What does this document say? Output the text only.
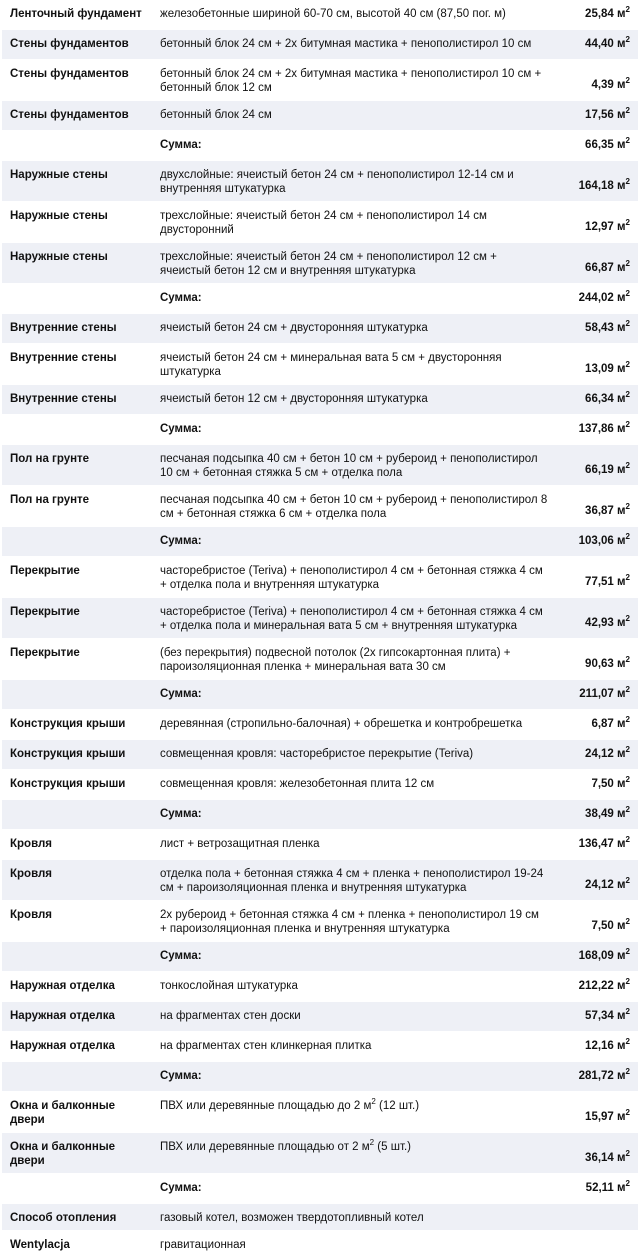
Ленточный фундамент	железобетонные шириной 60-70 см, высотой 40 см (87,50 пог. м)	25,84 $м^2$
Стены фундаментов	бетонный блок 24 см + 2х битумная мастика + пенополистирол 10 см	44,40 $м^2$
Стены фундаментов	бетонный блок 24 см + 2х битумная мастика + пенополистирол 10 см + бетонный блок 12 см	4,39 $м^2$
Стены фундаментов	бетонный блок 24 см	17,56 $м^2$
	Сумма:	66,35 $м^2$
Наружные стены	двухслойные: ячеистый бетон 24 см + пенополистирол 12-14 см и внутренняя штукатурка	164,18 $м^2$
Наружные стены	трехслойные: ячеистый бетон 24 см + пенополистирол 14 см двусторонний	12,97 $м^2$
Наружные стены	трехслойные: ячеистый бетон 24 см + пенополистирол 12 см + ячеистый бетон 12 см и внутренняя штукатурка	66,87 $м^2$
	Сумма:	244,02 $м^2$
Внутренние стены	ячеистый бетон 24 см + двусторонняя штукатурка	58,43 $м^2$
Внутренние стены	ячеистый бетон 24 см + минеральная вата 5 см + двусторонняя штукатурка	13,09 $м^2$
Внутренние стены	ячеистый бетон 12 см + двусторонняя штукатурка	66,34 $м^2$
	Сумма:	137,86 $м^2$
Пол на грунте	песчаная подсыпка 40 см + бетон 10 см + рубероид + пенополистирол 10 см + бетонная стяжка 5 см + отделка пола	66,19 $м^2$
Пол на грунте	песчаная подсыпка 40 см + бетон 10 см + рубероид + пенополистирол 8 см + бетонная стяжка 6 см + отделка пола	36,87 $м^2$
	Сумма:	103,06 $м^2$
Перекрытие	часторебристое (Teriva) + пенополистирол 4 см + бетонная стяжка 4 см + отделка пола и внутренняя штукатурка	77,51 $м^2$
Перекрытие	часторебристое (Teriva) + пенополистирол 4 см + бетонная стяжка 4 см + отделка пола и минеральная вата 5 см + внутренняя штукатурка	42,93 $м^2$
Перекрытие	(без перекрытия) подвесной потолок (2х гипсокартонная плита) + пароизоляционная пленка + минеральная вата 30 см	90,63 $м^2$
	Сумма:	211,07 $м^2$
Конструкция крыши	деревянная (стропильно-балочная) + обрешетка и контробрешетка	6,87 $м^2$
Конструкция крыши	совмещенная кровля: часторебристое перекрытие (Teriva)	24,12 $м^2$
Конструкция крыши	совмещенная кровля: железобетонная плита 12 см	7,50 $м^2$
	Сумма:	38,49 $м^2$
Кровля	лист + ветрозащитная пленка	136,47 $м^2$
Кровля	отделка пола + бетонная стяжка 4 см + пленка + пенополистирол 19-24 см + пароизоляционная пленка и внутренняя штукатурка	24,12 $м^2$
Кровля	2х рубероид + бетонная стяжка 4 см + пленка + пенополистирол 19 см + пароизоляционная пленка и внутренняя штукатурка	7,50 $м^2$
	Сумма:	168,09 $м^2$
Наружная отделка	тонкослойная штукатурка	212,22 $м^2$
Наружная отделка	на фрагментах стен доски	57,34 $м^2$
Наружная отделка	на фрагментах стен клинкерная плитка	12,16 $м^2$
	Сумма:	281,72 $м^2$
Окна и балконные двери	ПВХ или деревянные площадью до 2 $м^2$ (12 шт.)	15,97 $м^2$
Окна и балконные двери	ПВХ или деревянные площадью от 2 $м^2$ (5 шт.)	36,14 $м^2$
	Сумма:	52,11 $м^2$
Способ отопления	газовый котел, возможен твердотопливный котел	
Wentylacja	гравитационная	
